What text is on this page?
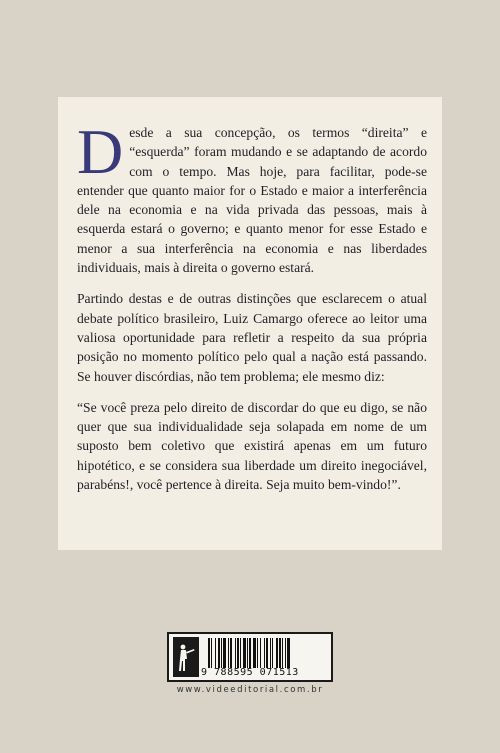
Desde a sua concepção, os termos “direita” e “esquerda” foram mudando e se adaptando de acordo com o tempo. Mas hoje, para facilitar, pode-se entender que quanto maior for o Estado e maior a interferência dele na economia e na vida privada das pessoas, mais à esquerda estará o governo; e quanto menor for esse Estado e menor a sua interferência na economia e nas liberdades individuais, mais à direita o governo estará.

Partindo destas e de outras distinções que esclarecem o atual debate político brasileiro, Luiz Camargo oferece ao leitor uma valiosa oportunidade para refletir a respeito da sua própria posição no momento político pelo qual a nação está passando. Se houver discórdias, não tem problema; ele mesmo diz:

“Se você preza pelo direito de discordar do que eu digo, se não quer que sua individualidade seja solapada em nome de um suposto bem coletivo que existirá apenas em um futuro hipotético, e se considera sua liberdade um direito inegociável, parabéns!, você pertence à direita. Seja muito bem-vindo!”.

9 788595 071513
www.videeditorial.com.br
